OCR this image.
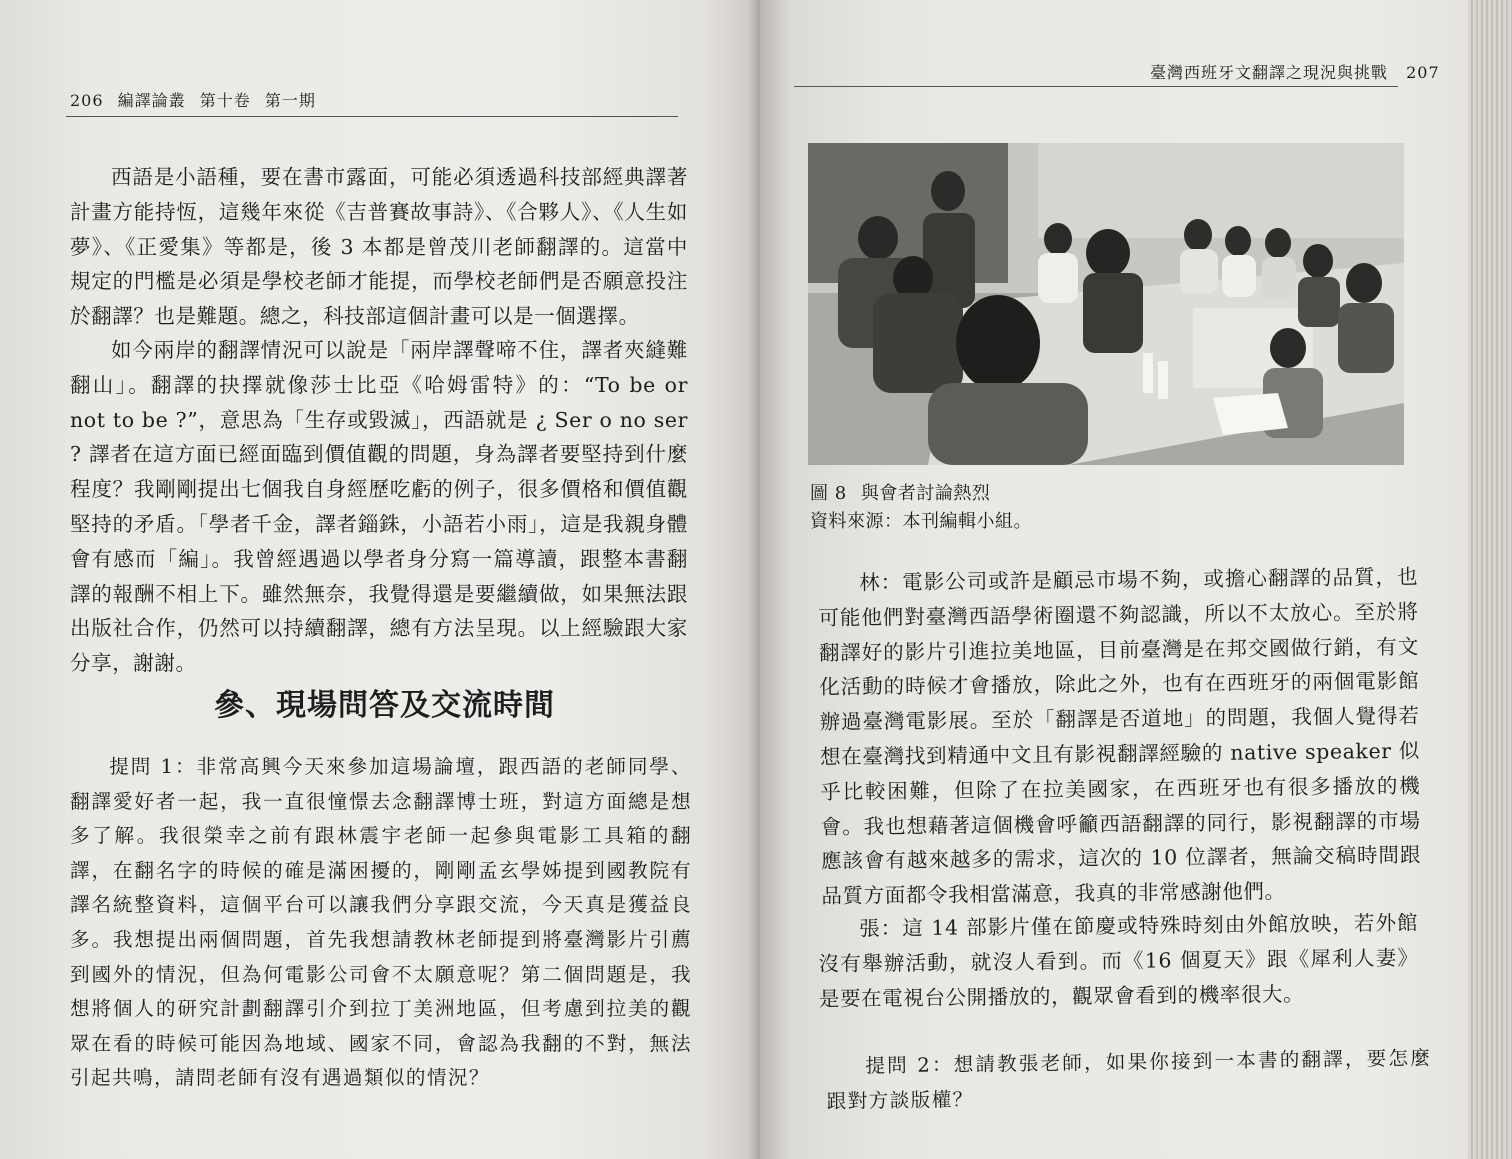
206 編譯論叢 第十卷 第一期

西語是小語種，要在書市露面，可能必須透過科技部經典譯著計畫方能持恆，這幾年來從《吉普賽故事詩》、《合夥人》、《人生如夢》、《正愛集》等都是，後 3 本都是曾茂川老師翻譯的。這當中規定的門檻是必須是學校老師才能提，而學校老師們是否願意投注於翻譯？也是難題。總之，科技部這個計畫可以是一個選擇。

如今兩岸的翻譯情況可以說是「兩岸譯聲啼不住，譯者夾縫難翻山」。翻譯的抉擇就像莎士比亞《哈姆雷特》的：“To be or not to be ?”，意思為「生存或毀滅」，西語就是 ¿ Ser o no ser ? 譯者在這方面已經面臨到價值觀的問題，身為譯者要堅持到什麼程度？我剛剛提出七個我自身經歷吃虧的例子，很多價格和價值觀堅持的矛盾。「學者千金，譯者錙銖，小語若小雨」，這是我親身體會有感而「編」。我曾經遇過以學者身分寫一篇導讀，跟整本書翻譯的報酬不相上下。雖然無奈，我覺得還是要繼續做，如果無法跟出版社合作，仍然可以持續翻譯，總有方法呈現。以上經驗跟大家分享，謝謝。

參、現場問答及交流時間

提問 1：非常高興今天來參加這場論壇，跟西語的老師同學、翻譯愛好者一起，我一直很憧憬去念翻譯博士班，對這方面總是想多了解。我很榮幸之前有跟林震宇老師一起參與電影工具箱的翻譯，在翻名字的時候的確是滿困擾的，剛剛孟玄學姊提到國教院有譯名統整資料，這個平台可以讓我們分享跟交流，今天真是獲益良多。我想提出兩個問題，首先我想請教林老師提到將臺灣影片引薦到國外的情況，但為何電影公司會不太願意呢？第二個問題是，我想將個人的研究計劃翻譯引介到拉丁美洲地區，但考慮到拉美的觀眾在看的時候可能因為地域、國家不同，會認為我翻的不對，無法引起共鳴，請問老師有沒有遇過類似的情況？

臺灣西班牙文翻譯之現況與挑戰 207
圖 8 與會者討論熱烈
資料來源：本刊編輯小組。

林：電影公司或許是顧忌市場不夠，或擔心翻譯的品質，也可能他們對臺灣西語學術圈還不夠認識，所以不太放心。至於將翻譯好的影片引進拉美地區，目前臺灣是在邦交國做行銷，有文化活動的時候才會播放，除此之外，也有在西班牙的兩個電影館辦過臺灣電影展。至於「翻譯是否道地」的問題，我個人覺得若想在臺灣找到精通中文且有影視翻譯經驗的 native speaker 似乎比較困難，但除了在拉美國家，在西班牙也有很多播放的機會。我也想藉著這個機會呼籲西語翻譯的同行，影視翻譯的市場應該會有越來越多的需求，這次的 10 位譯者，無論交稿時間跟品質方面都令我相當滿意，我真的非常感謝他們。

張：這 14 部影片僅在節慶或特殊時刻由外館放映，若外館沒有舉辦活動，就沒人看到。而《16 個夏天》跟《犀利人妻》是要在電視台公開播放的，觀眾會看到的機率很大。

提問 2：想請教張老師，如果你接到一本書的翻譯，要怎麼跟對方談版權？
